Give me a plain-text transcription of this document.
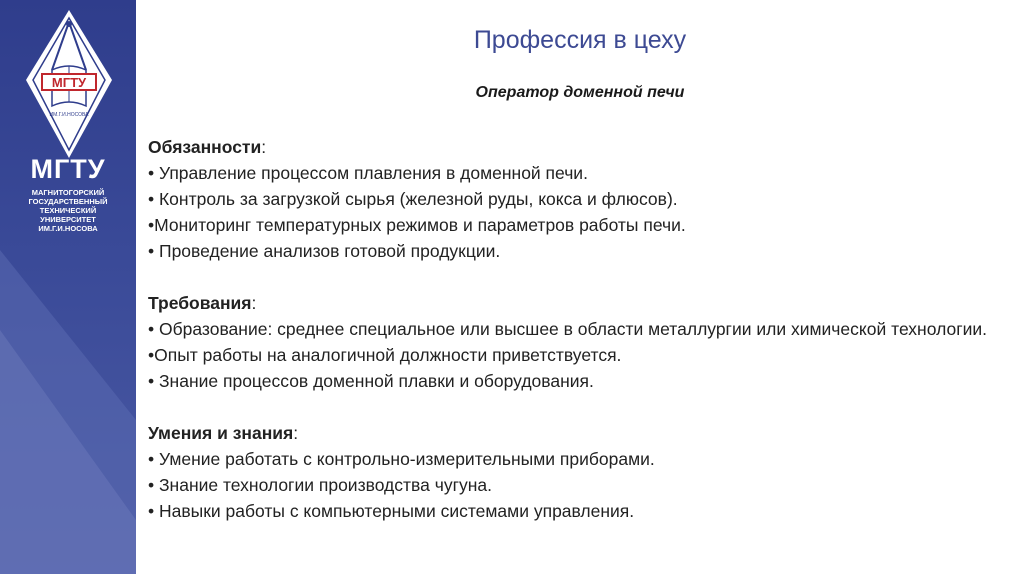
МГТУ
ИМ.Г.И.НОСОВА
МГТУ
МАГНИТОГОРСКИЙ
ГОСУДАРСТВЕННЫЙ
ТЕХНИЧЕСКИЙ
УНИВЕРСИТЕТ
ИМ.Г.И.НОСОВА
Профессия в цеху
Оператор доменной печи
Обязанности:
• Управление процессом плавления в доменной печи.
• Контроль за загрузкой сырья (железной руды, кокса и флюсов).
•Мониторинг температурных режимов и параметров работы печи.
• Проведение анализов готовой продукции.
Требования:
• Образование: среднее специальное или высшее в области металлургии или химической технологии.
•Опыт работы на аналогичной должности приветствуется.
• Знание процессов доменной плавки и оборудования.
Умения и знания:
• Умение работать с контрольно-измерительными приборами.
• Знание технологии производства чугуна.
• Навыки работы с компьютерными системами управления.
